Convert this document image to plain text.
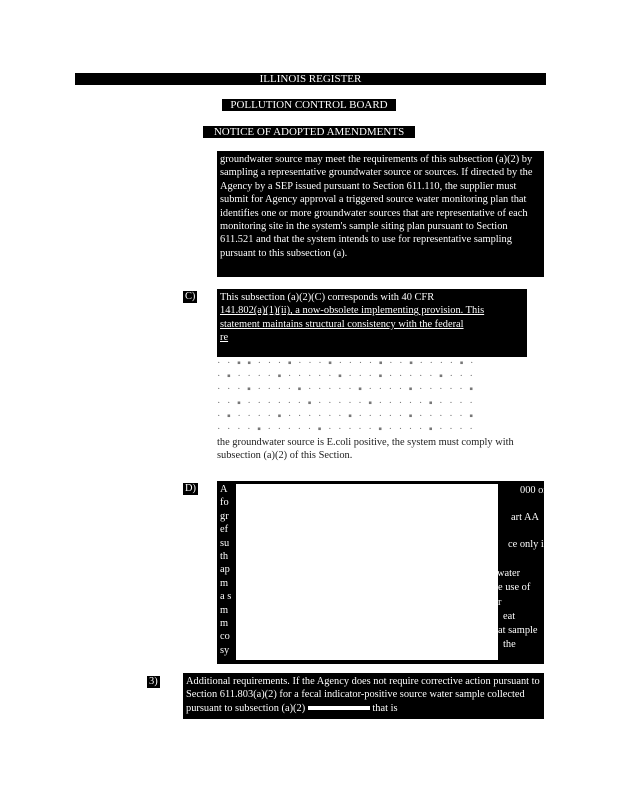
ILLINOIS REGISTER
POLLUTION CONTROL BOARD
NOTICE OF ADOPTED AMENDMENTS

groundwater source may meet the requirements of this subsection (a)(2) by sampling a representative groundwater source or sources. If directed by the Agency by a SEP issued pursuant to Section 611.110, the supplier must submit for Agency approval a triggered source water monitoring plan that identifies one or more groundwater sources that are representative of each monitoring site in the system's sample siting plan pursuant to Section 611.521 and that the system intends to use for representative sampling pursuant to this subsection (a).

C) This subsection (a)(2)(C) corresponds with 40 CFR

141.802(a)(1)(ii), a now-obsolete implementing provision. This

statement maintains structural consistency with the federal

re

· · ▪ ▪ · · · ▪ · · · ▪ · · · · ▪ · · ▪ · · · · ▪ ·
· ▪ · · · · ▪ · · · · · ▪ · · · ▪ · · · · · ▪ · · ·
· · · ▪ · · · · ▪ · · · · · ▪ · · · · ▪ · · · · · ▪
· · ▪ · · · · · · ▪ · · · · · ▪ · · · · · ▪ · · · ·
· ▪ · · · · ▪ · · · · · · ▪ · · · · · ▪ · · · · · ▪
· · · · ▪ · · · · · ▪ · · · · · ▪ · · · · ▪ · · · ·
the groundwater source is E.coli positive, the system must comply with subsection (a)(2) of this Section.
D) A

fo

gr

ef

su

th

ap

m

a s

m

m

co

sy

000 or
art AA
ce only if
water
e use of
r
eat
at sample
the
3)	Additional requirements. If the Agency does not require corrective action pursuant to Section 611.803(a)(2) for a fecal indicator-positive source water sample collected pursuant to subsection (a)(2)	that is
